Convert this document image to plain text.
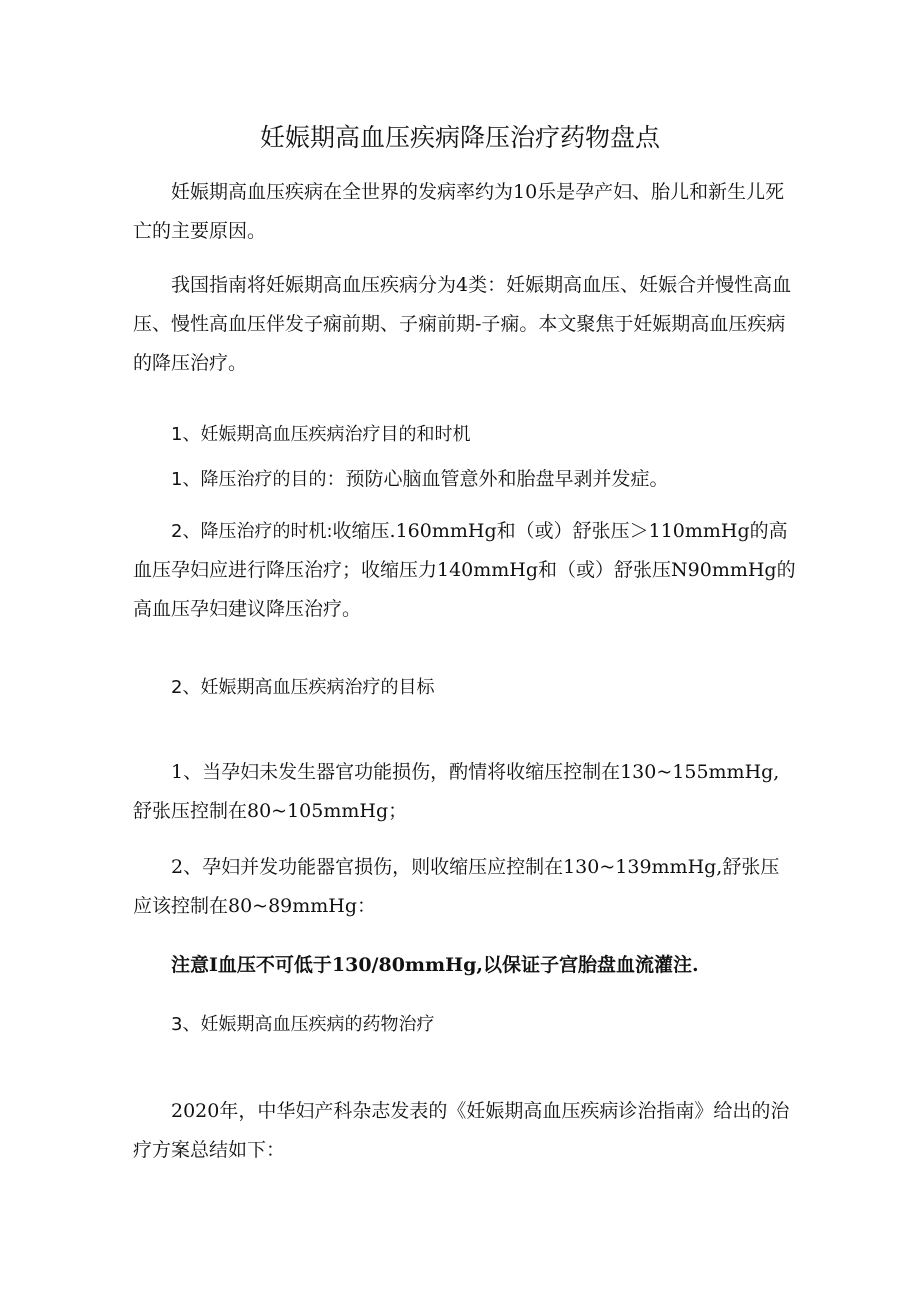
妊娠期高血压疾病降压治疗药物盘点

妊娠期高血压疾病在全世界的发病率约为10乐是孕产妇、胎儿和新生儿死亡的主要原因。

我国指南将妊娠期高血压疾病分为4类：妊娠期高血压、妊娠合并慢性高血压、慢性高血压伴发子痫前期、子痫前期-子痫。本文聚焦于妊娠期高血压疾病的降压治疗。

1、妊娠期高血压疾病治疗目的和时机

1、降压治疗的目的：预防心脑血管意外和胎盘早剥并发症。

2、降压治疗的时机:收缩压.160mmHg和（或）舒张压＞110mmHg的高血压孕妇应进行降压治疗；收缩压力140mmHg和（或）舒张压N90mmHg的高血压孕妇建议降压治疗。

2、妊娠期高血压疾病治疗的目标

1、当孕妇未发生器官功能损伤，酌情将收缩压控制在130~155mmHg,舒张压控制在80~105mmHg；

2、孕妇并发功能器官损伤，则收缩压应控制在130~139mmHg,舒张压应该控制在80~89mmHg：

注意I血压不可低于130/80mmHg,以保证子宫胎盘血流灌注.

3、妊娠期高血压疾病的药物治疗

2020年，中华妇产科杂志发表的《妊娠期高血压疾病诊治指南》给出的治疗方案总结如下：
